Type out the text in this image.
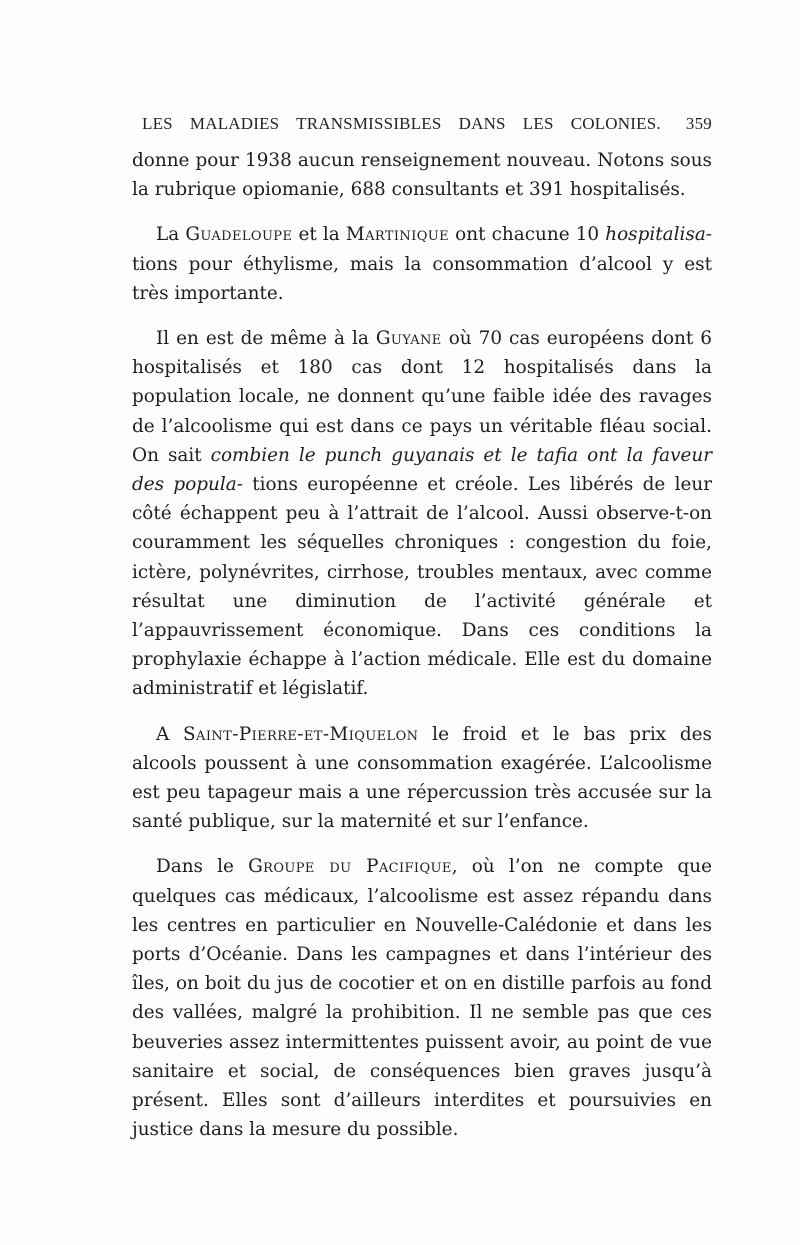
LES MALADIES TRANSMISSIBLES DANS LES COLONIES. 359

donne pour 1938 aucun renseignement nouveau. Notons sous la rubrique opiomanie, 688 consultants et 391 hospitalisés.

La Guadeloupe et la Martinique ont chacune 10 hospitalisa- tions pour éthylisme, mais la consommation d’alcool y est très importante.

Il en est de même à la Guyane où 70 cas européens dont 6 hospitalisés et 180 cas dont 12 hospitalisés dans la population locale, ne donnent qu’une faible idée des ravages de l’alcoolisme qui est dans ce pays un véritable fléau social. On sait combien le punch guyanais et le tafia ont la faveur des popula- tions européenne et créole. Les libérés de leur côté échappent peu à l’attrait de l’alcool. Aussi observe-t-on couramment les séquelles chroniques : congestion du foie, ictère, polynévrites, cirrhose, troubles mentaux, avec comme résultat une diminution de l’activité générale et l’appauvrissement économique. Dans ces conditions la prophylaxie échappe à l’action médicale. Elle est du domaine administratif et législatif.

A Saint-Pierre-et-Miquelon le froid et le bas prix des alcools poussent à une consommation exagérée. L’alcoolisme est peu tapageur mais a une répercussion très accusée sur la santé publique, sur la maternité et sur l’enfance.

Dans le Groupe du Pacifique, où l’on ne compte que quelques cas médicaux, l’alcoolisme est assez répandu dans les centres en particulier en Nouvelle-Calédonie et dans les ports d’Océanie. Dans les campagnes et dans l’intérieur des îles, on boit du jus de cocotier et on en distille parfois au fond des vallées, malgré la prohibition. Il ne semble pas que ces beuveries assez intermittentes puissent avoir, au point de vue sanitaire et social, de conséquences bien graves jusqu’à présent. Elles sont d’ailleurs interdites et poursuivies en justice dans la mesure du possible.
